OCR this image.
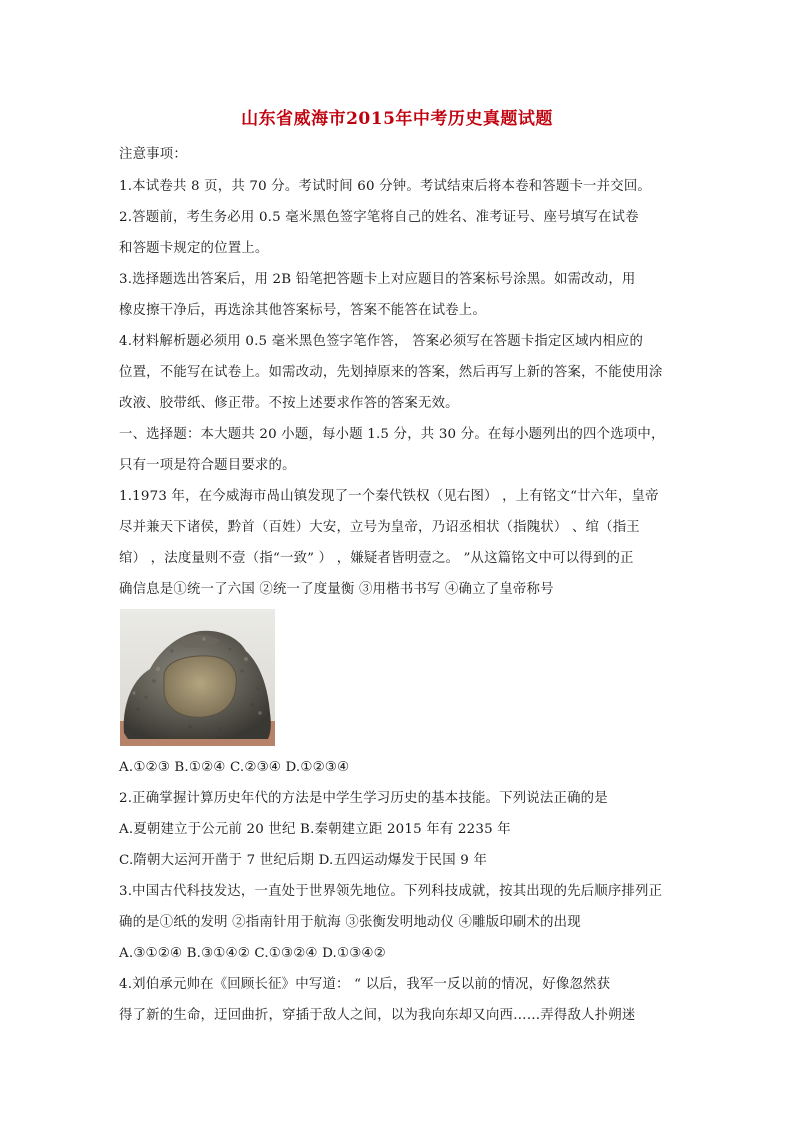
山东省威海市2015年中考历史真题试题
注意事项：
1.本试卷共 8 页，共 70 分。考试时间 60 分钟。考试结束后将本卷和答题卡一并交回。
2.答题前，考生务必用 0.5 毫米黑色签字笔将自己的姓名、准考证号、座号填写在试卷
和答题卡规定的位置上。
3.选择题选出答案后，用 2B 铅笔把答题卡上对应题目的答案标号涂黑。如需改动，用
橡皮擦干净后，再选涂其他答案标号，答案不能答在试卷上。
4.材料解析题必须用 0.5 毫米黑色签字笔作答， 答案必须写在答题卡指定区域内相应的
位置，不能写在试卷上。如需改动，先划掉原来的答案，然后再写上新的答案，不能使用涂
改液、胶带纸、修正带。不按上述要求作答的答案无效。
一、选择题：本大题共 20 小题，每小题 1.5 分，共 30 分。在每小题列出的四个选项中，
只有一项是符合题目要求的。
1.1973 年，在今威海市咼山镇发现了一个秦代铁权（见右图） ，上有铭文“廿六年，皇帝
尽并兼天下诸侯，黔首（百姓）大安，立号为皇帝，乃诏丞相状（指隗状） 、绾（指王
绾） ，法度量则不壹（指“一致” ） ，嫌疑者皆明壹之。 ”从这篇铭文中可以得到的正
确信息是①统一了六国 ②统一了度量衡 ③用楷书书写 ④确立了皇帝称号
A.①②③ B.①②④ C.②③④ D.①②③④
2.正确掌握计算历史年代的方法是中学生学习历史的基本技能。下列说法正确的是
A.夏朝建立于公元前 20 世纪 B.秦朝建立距 2015 年有 2235 年
C.隋朝大运河开凿于 7 世纪后期 D.五四运动爆发于民国 9 年
3.中国古代科技发达，一直处于世界领先地位。下列科技成就，按其出现的先后顺序排列正
确的是①纸的发明 ②指南针用于航海 ③张衡发明地动仪 ④雕版印刷术的出现
A.③①②④ B.③①④② C.①③②④ D.①③④②
4.刘伯承元帅在《回顾长征》中写道： “ 以后，我军一反以前的情况，好像忽然获
得了新的生命，迂回曲折，穿插于敌人之间，以为我向东却又向西……弄得敌人扑朔迷
